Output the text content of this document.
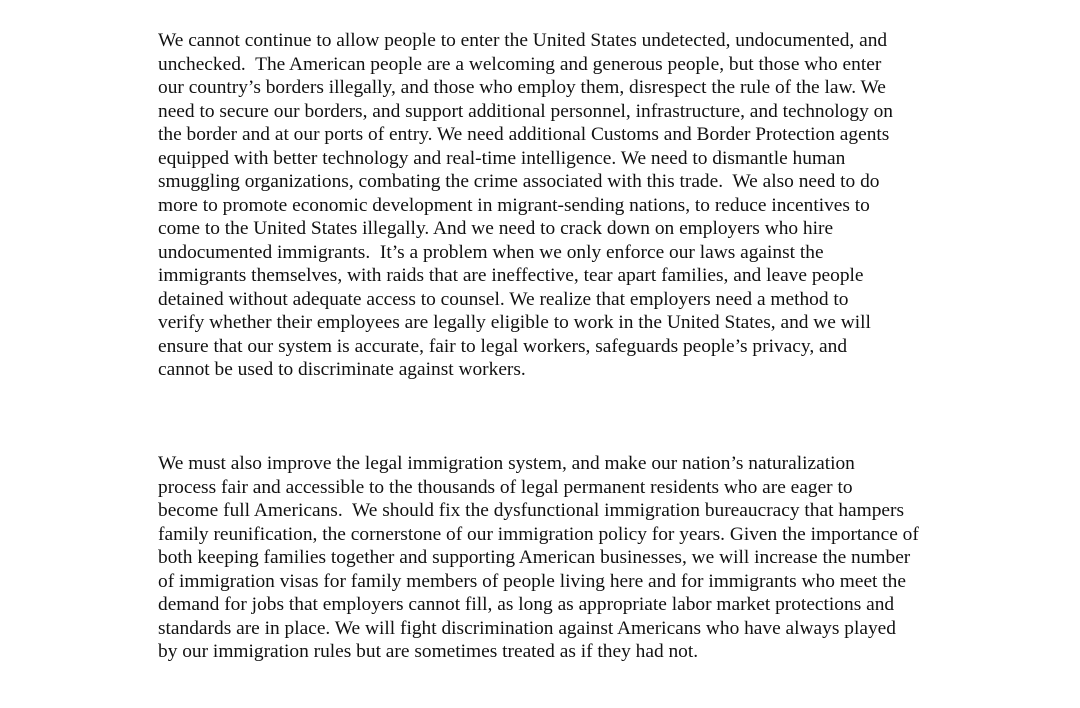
We cannot continue to allow people to enter the United States undetected, undocumented, and
unchecked.  The American people are a welcoming and generous people, but those who enter
our country’s borders illegally, and those who employ them, disrespect the rule of the law. We
need to secure our borders, and support additional personnel, infrastructure, and technology on
the border and at our ports of entry. We need additional Customs and Border Protection agents
equipped with better technology and real-time intelligence. We need to dismantle human
smuggling organizations, combating the crime associated with this trade.  We also need to do
more to promote economic development in migrant-sending nations, to reduce incentives to
come to the United States illegally. And we need to crack down on employers who hire
undocumented immigrants.  It’s a problem when we only enforce our laws against the
immigrants themselves, with raids that are ineffective, tear apart families, and leave people
detained without adequate access to counsel. We realize that employers need a method to
verify whether their employees are legally eligible to work in the United States, and we will
ensure that our system is accurate, fair to legal workers, safeguards people’s privacy, and
cannot be used to discriminate against workers.

We must also improve the legal immigration system, and make our nation’s naturalization
process fair and accessible to the thousands of legal permanent residents who are eager to
become full Americans.  We should fix the dysfunctional immigration bureaucracy that hampers
family reunification, the cornerstone of our immigration policy for years. Given the importance of
both keeping families together and supporting American businesses, we will increase the number
of immigration visas for family members of people living here and for immigrants who meet the
demand for jobs that employers cannot fill, as long as appropriate labor market protections and
standards are in place. We will fight discrimination against Americans who have always played
by our immigration rules but are sometimes treated as if they had not.
